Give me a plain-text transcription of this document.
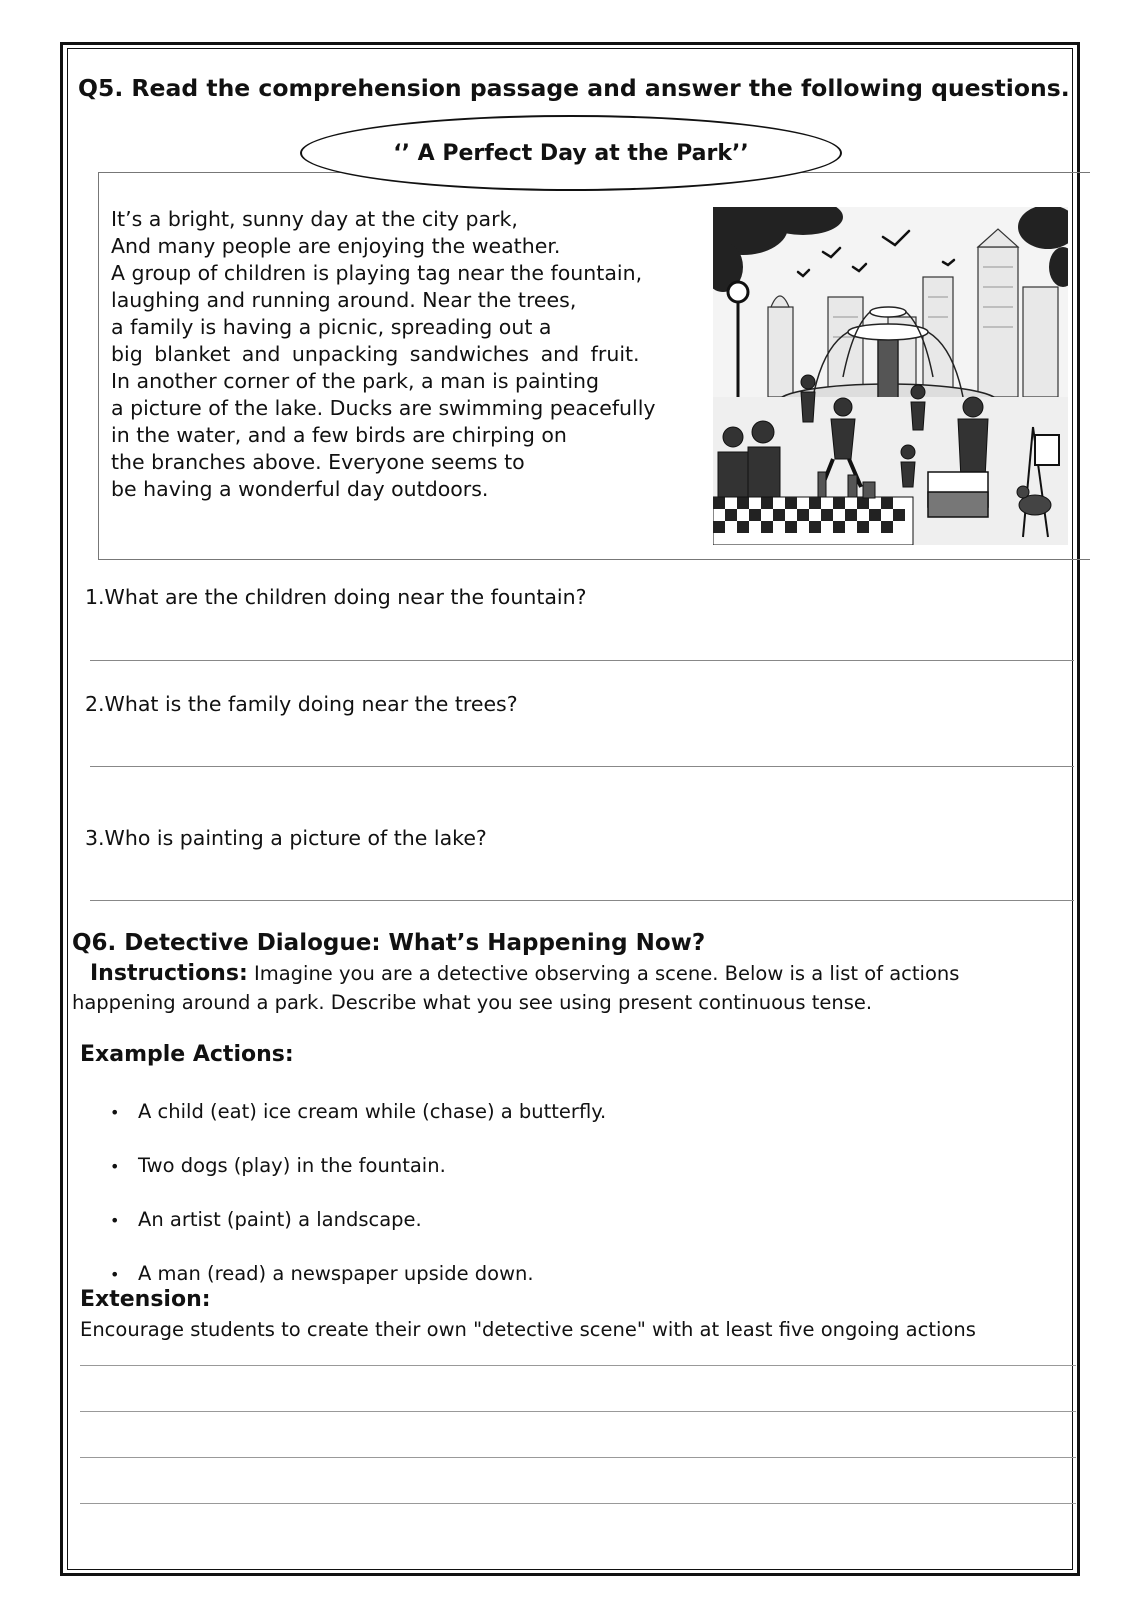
Q5. Read the comprehension passage and answer the following questions.
‘’ A Perfect Day at the Park’’
It’s a bright, sunny day at the city park,
And many people are enjoying the weather.
A group of children is playing tag near the fountain,
laughing and running around. Near the trees,
a family is having a picnic, spreading out a
big blanket and unpacking sandwiches and fruit.
In another corner of the park, a man is painting
a picture of the lake. Ducks are swimming peacefully
in the water, and a few birds are chirping on
the branches above. Everyone seems to
be having a wonderful day outdoors.
1.What are the children doing near the fountain?
2.What is the family doing near the trees?
3.Who is painting a picture of the lake?
Q6. Detective Dialogue: What’s Happening Now?
Instructions: Imagine you are a detective observing a scene. Below is a list of actions
happening around a park. Describe what you see using present continuous tense.
Example Actions:
• A child (eat) ice cream while (chase) a butterfly.
• Two dogs (play) in the fountain.
• An artist (paint) a landscape.
• A man (read) a newspaper upside down.
Extension:
Encourage students to create their own "detective scene" with at least five ongoing actions
